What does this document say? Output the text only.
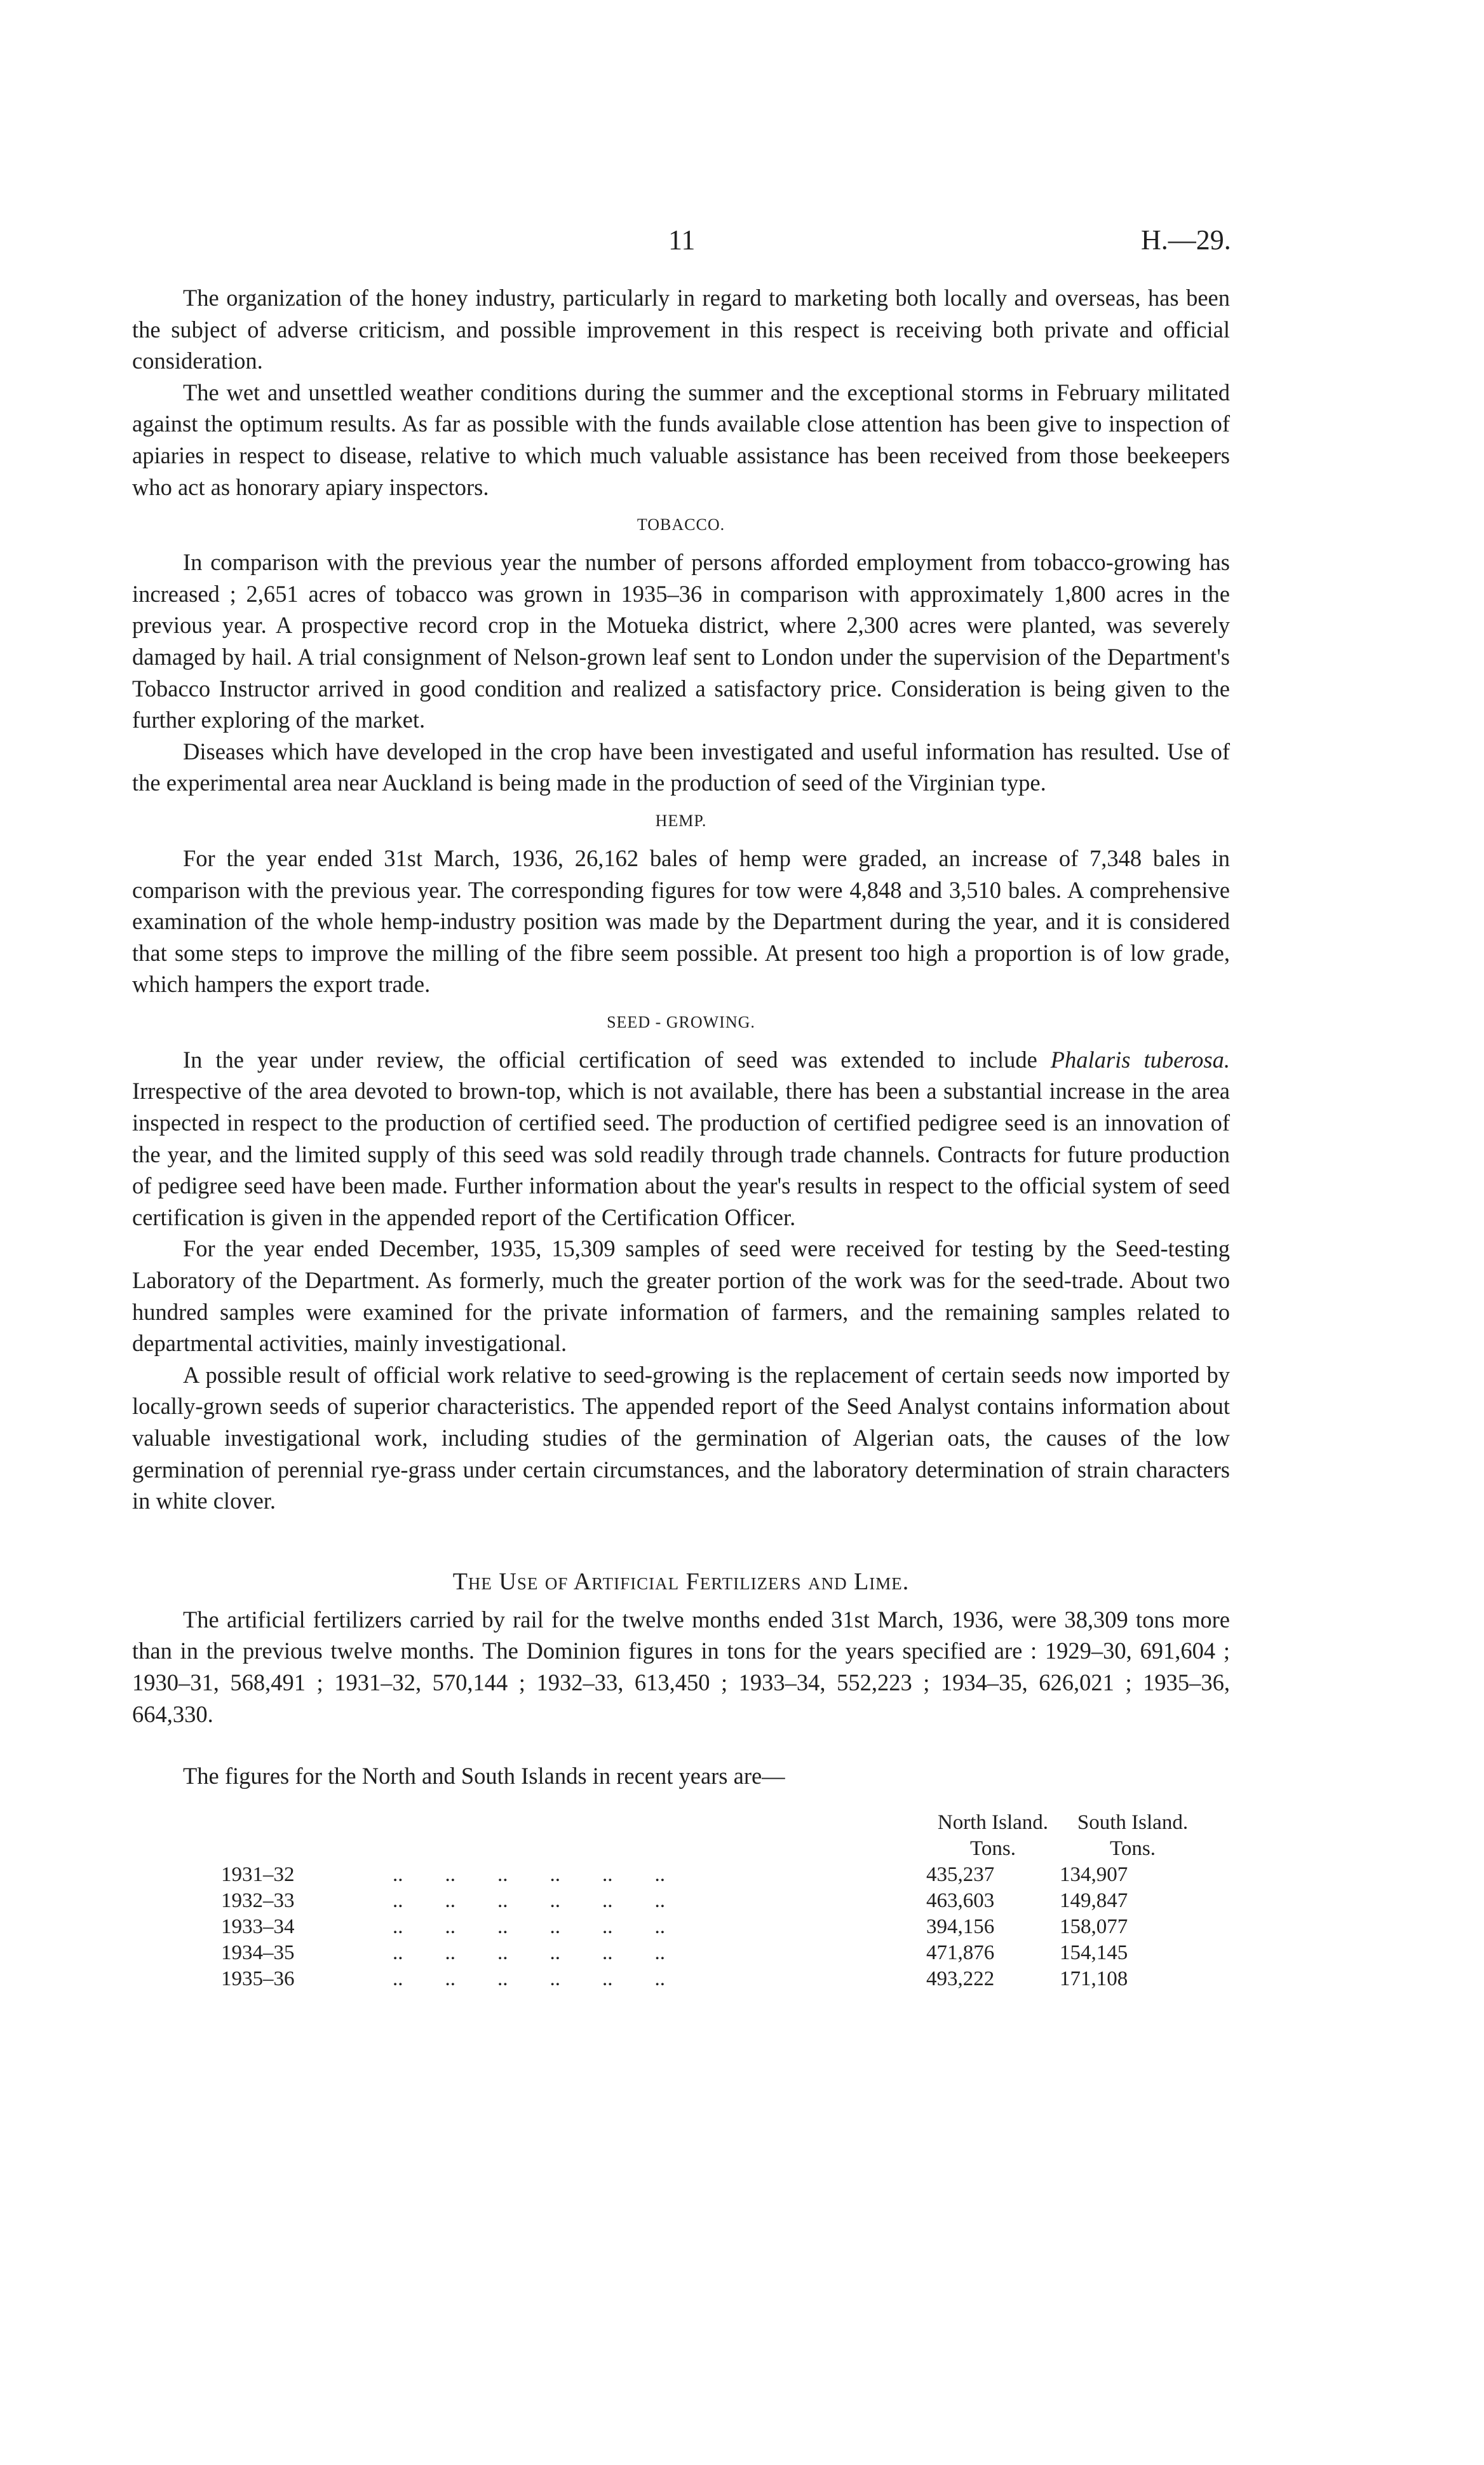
11	H.—29.

The organization of the honey industry, particularly in regard to marketing both locally and overseas, has been the subject of adverse criticism, and possible improvement in this respect is receiving both private and official consideration.

The wet and unsettled weather conditions during the summer and the exceptional storms in February militated against the optimum results. As far as possible with the funds available close attention has been give to inspection of apiaries in respect to disease, relative to which much valuable assistance has been received from those beekeepers who act as honorary apiary inspectors.

TOBACCO.

In comparison with the previous year the number of persons afforded employment from tobacco-growing has increased ; 2,651 acres of tobacco was grown in 1935–36 in comparison with approximately 1,800 acres in the previous year. A prospective record crop in the Motueka district, where 2,300 acres were planted, was severely damaged by hail. A trial consignment of Nelson-grown leaf sent to London under the supervision of the Department's Tobacco Instructor arrived in good condition and realized a satisfactory price. Consideration is being given to the further exploring of the market.

Diseases which have developed in the crop have been investigated and useful information has resulted. Use of the experimental area near Auckland is being made in the production of seed of the Virginian type.

HEMP.

For the year ended 31st March, 1936, 26,162 bales of hemp were graded, an increase of 7,348 bales in comparison with the previous year. The corresponding figures for tow were 4,848 and 3,510 bales. A comprehensive examination of the whole hemp-industry position was made by the Department during the year, and it is considered that some steps to improve the milling of the fibre seem possible. At present too high a proportion is of low grade, which hampers the export trade.

SEED - GROWING.

In the year under review, the official certification of seed was extended to include Phalaris tuberosa. Irrespective of the area devoted to brown-top, which is not available, there has been a substantial increase in the area inspected in respect to the production of certified seed. The production of certified pedigree seed is an innovation of the year, and the limited supply of this seed was sold readily through trade channels. Contracts for future production of pedigree seed have been made. Further information about the year's results in respect to the official system of seed certification is given in the appended report of the Certification Officer.

For the year ended December, 1935, 15,309 samples of seed were received for testing by the Seed-testing Laboratory of the Department. As formerly, much the greater portion of the work was for the seed-trade. About two hundred samples were examined for the private information of farmers, and the remaining samples related to departmental activities, mainly investigational.

A possible result of official work relative to seed-growing is the replacement of certain seeds now imported by locally-grown seeds of superior characteristics. The appended report of the Seed Analyst contains information about valuable investigational work, including studies of the germination of Algerian oats, the causes of the low germination of perennial rye-grass under certain circumstances, and the laboratory determination of strain characters in white clover.

The Use of Artificial Fertilizers and Lime.

The artificial fertilizers carried by rail for the twelve months ended 31st March, 1936, were 38,309 tons more than in the previous twelve months. The Dominion figures in tons for the years specified are : 1929–30, 691,604 ; 1930–31, 568,491 ; 1931–32, 570,144 ; 1932–33, 613,450 ; 1933–34, 552,223 ; 1934–35, 626,021 ; 1935–36, 664,330.

The figures for the North and South Islands in recent years are—

		North Island.	South Island.
		Tons.	Tons.
1931–32	..        ..        ..        ..        ..        ..	435,237	134,907
1932–33	..        ..        ..        ..        ..        ..	463,603	149,847
1933–34	..        ..        ..        ..        ..        ..	394,156	158,077
1934–35	..        ..        ..        ..        ..        ..	471,876	154,145
1935–36	..        ..        ..        ..        ..        ..	493,222	171,108
